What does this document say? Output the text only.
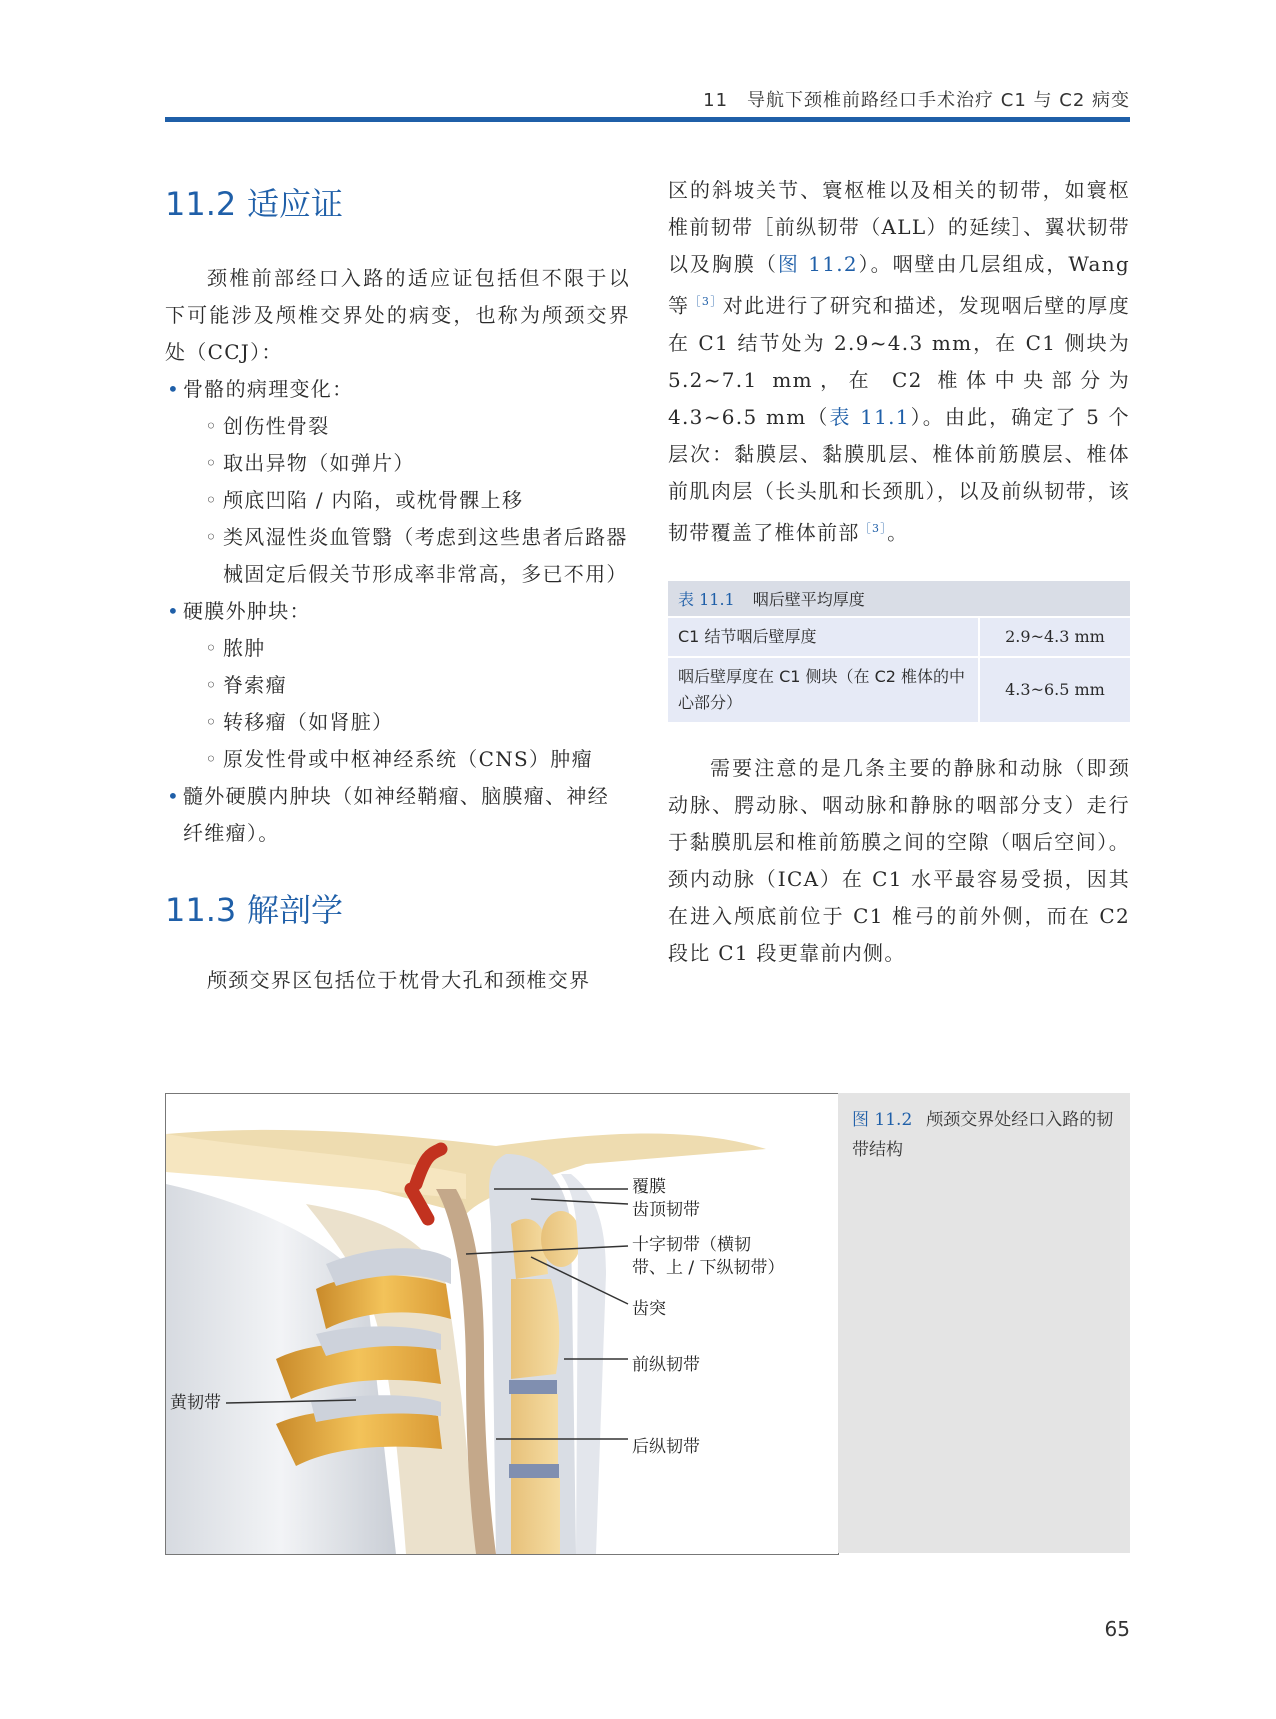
11　导航下颈椎前路经口手术治疗 C1 与 C2 病变
11.2 适应证

颈椎前部经口入路的适应证包括但不限于以下可能涉及颅椎交界处的病变，也称为颅颈交界处（CCJ）：

• 骨骼的病理变化：
◦ 创伤性骨裂
◦ 取出异物（如弹片）
◦ 颅底凹陷 / 内陷，或枕骨髁上移
◦ 类风湿性炎血管翳（考虑到这些患者后路器械固定后假关节形成率非常高，多已不用）
• 硬膜外肿块：
◦ 脓肿
◦ 脊索瘤
◦ 转移瘤（如肾脏）
◦ 原发性骨或中枢神经系统（CNS）肿瘤
• 髓外硬膜内肿块（如神经鞘瘤、脑膜瘤、神经纤维瘤）。
11.3 解剖学

颅颈交界区包括位于枕骨大孔和颈椎交界

区的斜坡关节、寰枢椎以及相关的韧带，如寰枢椎前韧带［前纵韧带（ALL）的延续］、翼状韧带以及胸膜（图 11.2）。咽壁由几层组成，Wang 等$^{[3]}$对此进行了研究和描述，发现咽后壁的厚度在 C1 结节处为 2.9~4.3 mm，在 C1 侧块为 5.2~7.1 mm，在 C2 椎体中央部分为 4.3~6.5 mm（表 11.1）。由此，确定了 5 个层次：黏膜层、黏膜肌层、椎体前筋膜层、椎体前肌肉层（长头肌和长颈肌），以及前纵韧带，该韧带覆盖了椎体前部$^{[3]}$。

表 11.1 咽后壁平均厚度	
C1 结节咽后壁厚度	2.9~4.3 mm
咽后壁厚度在 C1 侧块（在 C2 椎体的中心部分）	4.3~6.5 mm

需要注意的是几条主要的静脉和动脉（即颈动脉、腭动脉、咽动脉和静脉的咽部分支）走行于黏膜肌层和椎前筋膜之间的空隙（咽后空间）。颈内动脉（ICA）在 C1 水平最容易受损，因其在进入颅底前位于 C1 椎弓的前外侧，而在 C2 段比 C1 段更靠前内侧。

覆膜
齿顶韧带
十字韧带（横韧
带、上 / 下纵韧带）
齿突
前纵韧带
黄韧带
后纵韧带
图 11.2 颅颈交界处经口入路的韧带结构
65
